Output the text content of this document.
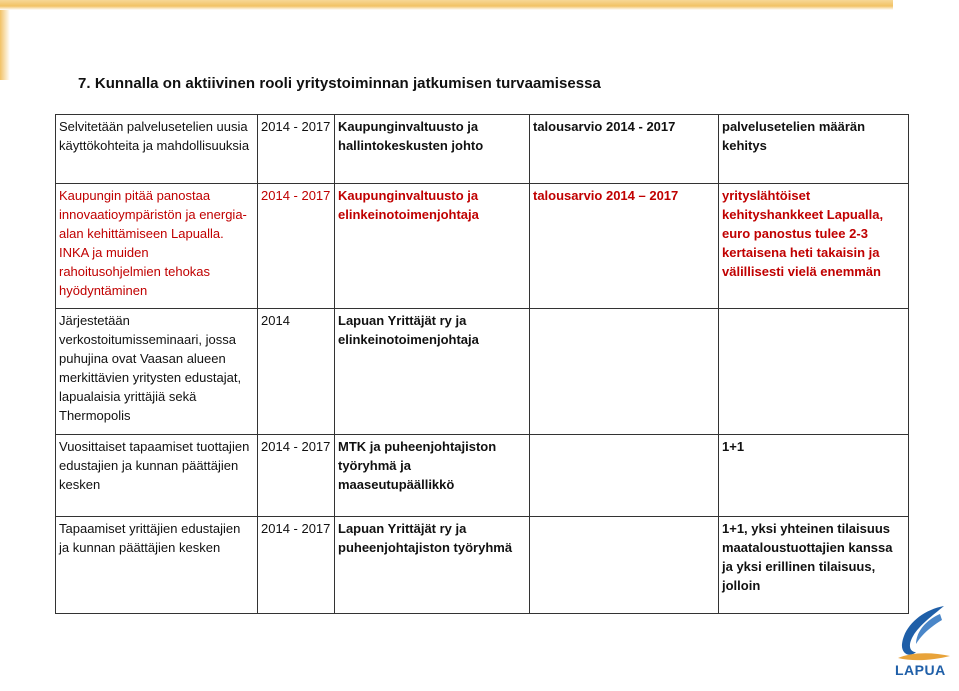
7. Kunnalla on aktiivinen rooli yritystoiminnan jatkumisen turvaamisessa
Selvitetään palvelusetelien uusia käyttökohteita ja mahdollisuuksia	2014 - 2017	Kaupunginvaltuusto ja hallintokeskusten johto	talousarvio 2014 - 2017	palvelusetelien määrän kehitys
Kaupungin pitää panostaa innovaatioympäristön ja energia-alan kehittämiseen Lapualla. INKA ja muiden rahoitusohjelmien tehokas hyödyntäminen	2014 - 2017	Kaupunginvaltuusto ja elinkeinotoimenjohtaja	talousarvio 2014 – 2017	yrityslähtöiset kehityshankkeet Lapualla, euro panostus tulee 2-3 kertaisena heti takaisin ja välillisesti vielä enemmän
Järjestetään verkostoitumisseminaari, jossa puhujina ovat Vaasan alueen merkittävien yritysten edustajat, lapualaisia yrittäjiä sekä Thermopolis	2014	Lapuan Yrittäjät ry ja elinkeinotoimenjohtaja		
Vuosittaiset tapaamiset tuottajien edustajien ja kunnan päättäjien kesken	2014 - 2017	MTK ja puheenjohtajiston työryhmä ja maaseutupäällikkö		1+1
Tapaamiset yrittäjien edustajien ja kunnan päättäjien kesken	2014 - 2017	Lapuan Yrittäjät ry ja puheenjohtajiston työryhmä		1+1, yksi yhteinen tilaisuus maataloustuottajien kanssa ja yksi erillinen tilaisuus, jolloin
LAPUA
